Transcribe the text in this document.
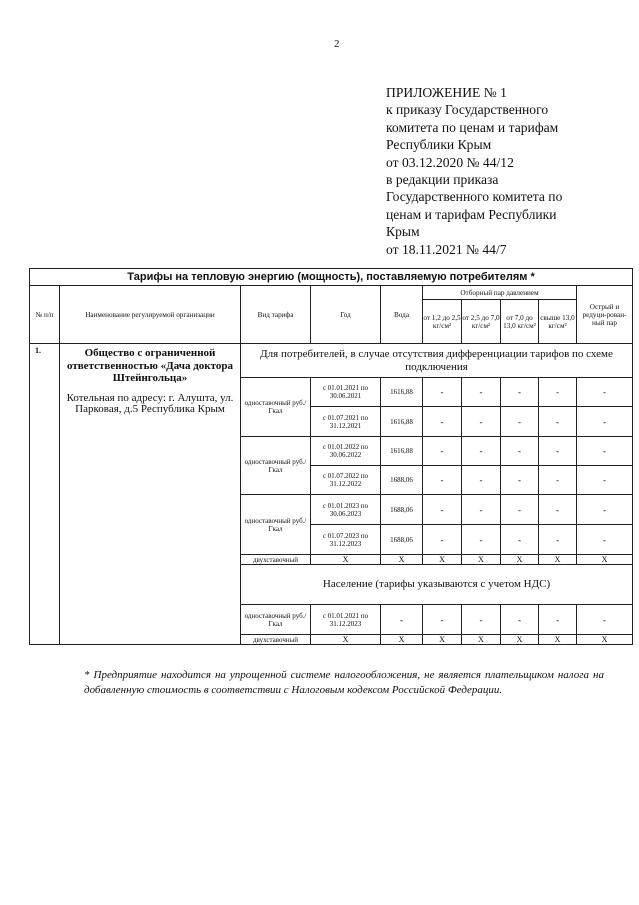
2
ПРИЛОЖЕНИЕ № 1
к приказу Государственного
комитета по ценам и тарифам
Республики Крым
от 03.12.2020 № 44/12
в редакции приказа
Государственного комитета по
ценам и тарифам Республики
Крым
от 18.11.2021 № 44/7
Тарифы на тепловую энергию (мощность), поставляемую потребителям *									
№ п/п	Наименование регулируемой организации	Вид тарифа	Год	Вода	Отборный пар давлением				Острый и редуци-рован-ный пар
					от 1,2 до 2,5 кг/см²	от 2,5 до 7,0 кг/см²	от 7,0 до 13,0 кг/см²	свыше 13,0 кг/см²	
1.	Общество с ограниченной ответственностью «Дача доктора Штейнгольца»
Котельная по адресу: г. Алушта, ул. Парковая, д.5 Республика Крым	Для потребителей, в случае отсутствия дифференциации тарифов по схеме подключения							
		одноставочный руб./Гкал	с 01.01.2021 по 30.06.2021	1616,88	-	-	-	-	-
			с 01.07.2021 по 31.12.2021	1616,88	-	-	-	-	-
		одноставочный руб./Гкал	с 01.01.2022 по 30.06.2022	1616,88	-	-	-	-	-
			с 01.07.2022 по 31.12.2022	1688,06	-	-	-	-	-
		одноставочный руб./Гкал	с 01.01.2023 по 30.06.2023	1688,06	-	-	-	-	-
			с 01.07.2023 по 31.12.2023	1688,06	-	-	-	-	-
		двухставочный	X	X	X	X	X	X	X
		Население (тарифы указываются с учетом НДС)							
		одноставочный руб./Гкал	с 01.01.2021 по 31.12.2023	-	-	-	-	-	-
		двухставочный	X	X	X	X	X	X	X
* Предприятие находится на упрощенной системе налогообложения, не является плательщиком налога на добавленную стоимость в соответствии с Налоговым кодексом Российской Федерации.
